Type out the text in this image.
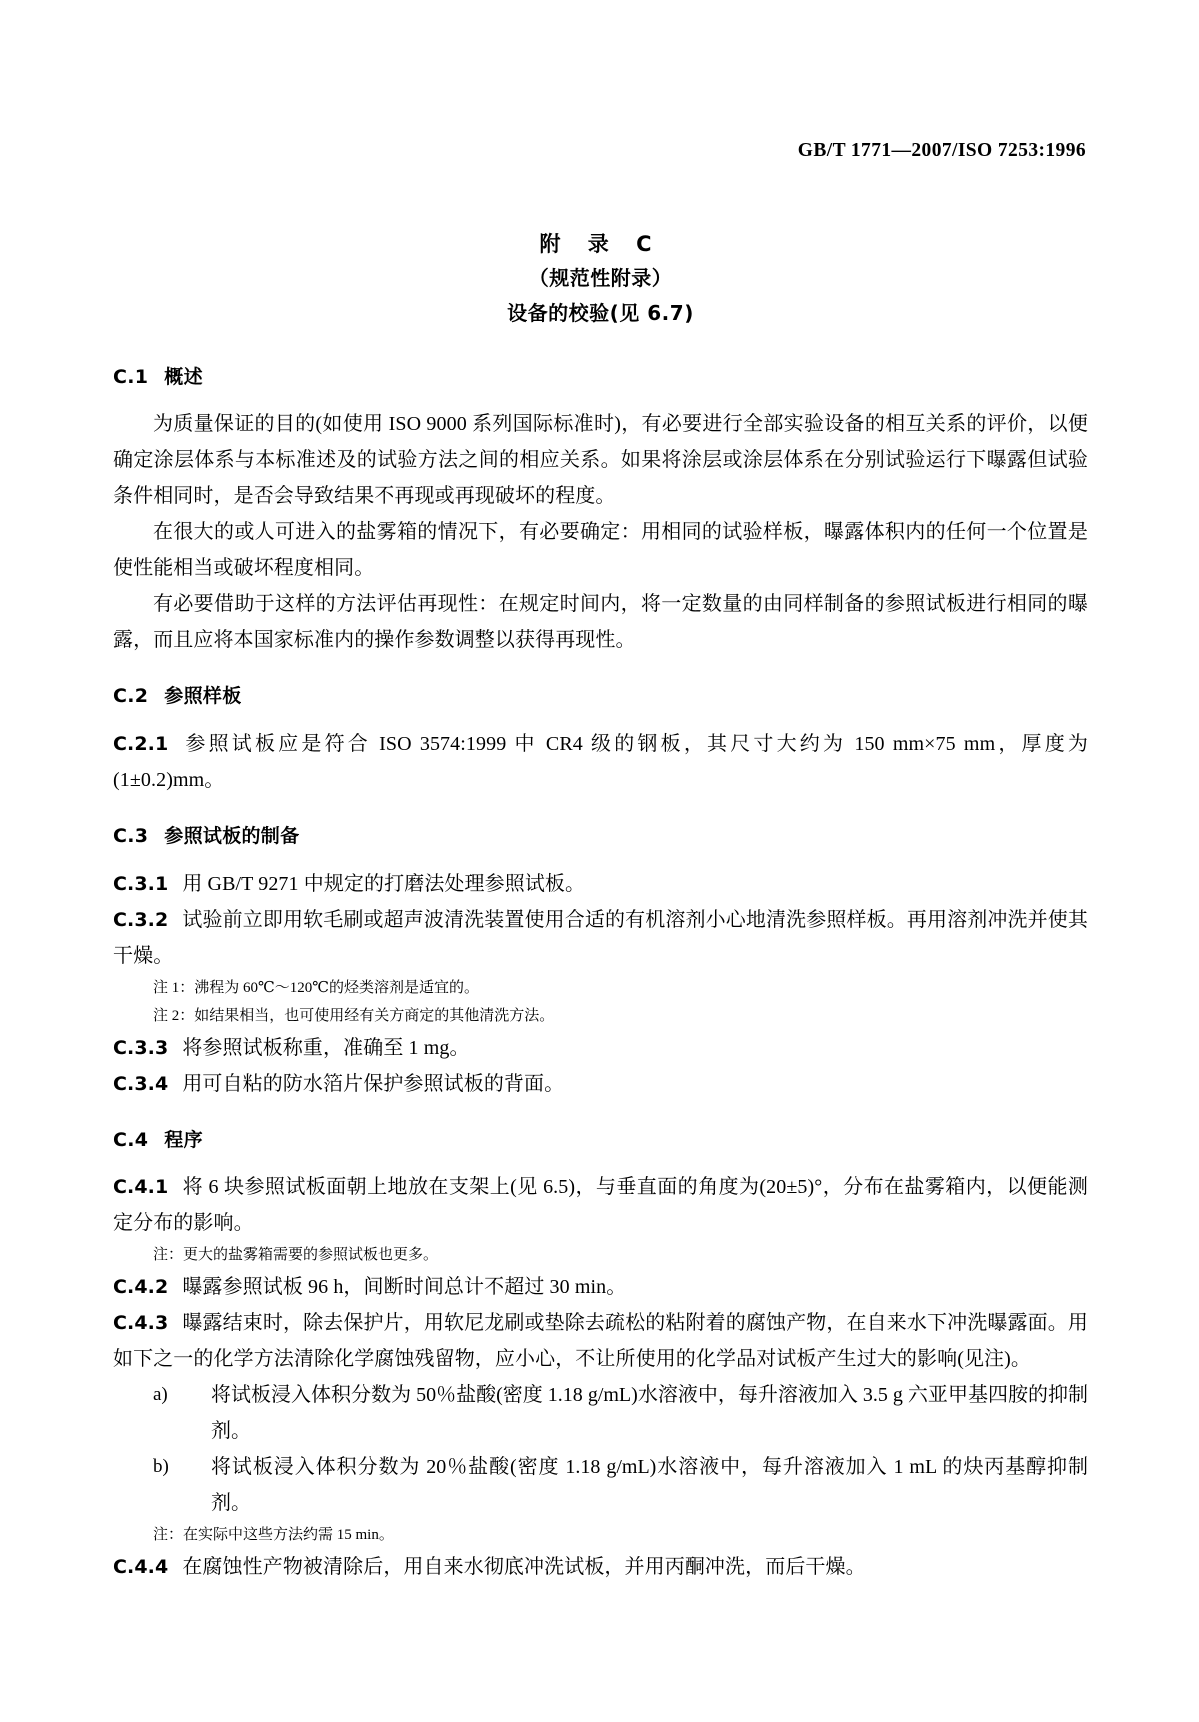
GB/T 1771—2007/ISO 7253:1996
附 录 C
（规范性附录）
设备的校验(见 6.7)
C.1 概述

为质量保证的目的(如使用 ISO 9000 系列国际标准时)，有必要进行全部实验设备的相互关系的评价，以便确定涂层体系与本标准述及的试验方法之间的相应关系。如果将涂层或涂层体系在分别试验运行下曝露但试验条件相同时，是否会导致结果不再现或再现破坏的程度。

在很大的或人可进入的盐雾箱的情况下，有必要确定：用相同的试验样板，曝露体积内的任何一个位置是使性能相当或破坏程度相同。

有必要借助于这样的方法评估再现性：在规定时间内，将一定数量的由同样制备的参照试板进行相同的曝露，而且应将本国家标准内的操作参数调整以获得再现性。

C.2 参照样板

C.2.1 参照试板应是符合 ISO 3574:1999 中 CR4 级的钢板，其尺寸大约为 150 mm×75 mm，厚度为(1±0.2)mm。

C.3 参照试板的制备

C.3.1 用 GB/T 9271 中规定的打磨法处理参照试板。

C.3.2 试验前立即用软毛刷或超声波清洗装置使用合适的有机溶剂小心地清洗参照样板。再用溶剂冲洗并使其干燥。

注 1：沸程为 60℃～120℃的烃类溶剂是适宜的。

注 2：如结果相当，也可使用经有关方商定的其他清洗方法。

C.3.3 将参照试板称重，准确至 1 mg。

C.3.4 用可自粘的防水箔片保护参照试板的背面。

C.4 程序

C.4.1 将 6 块参照试板面朝上地放在支架上(见 6.5)，与垂直面的角度为(20±5)°，分布在盐雾箱内，以便能测定分布的影响。

注：更大的盐雾箱需要的参照试板也更多。

C.4.2 曝露参照试板 96 h，间断时间总计不超过 30 min。

C.4.3 曝露结束时，除去保护片，用软尼龙刷或垫除去疏松的粘附着的腐蚀产物，在自来水下冲洗曝露面。用如下之一的化学方法清除化学腐蚀残留物，应小心，不让所使用的化学品对试板产生过大的影响(见注)。

a) 将试板浸入体积分数为 50％盐酸(密度 1.18 g/mL)水溶液中，每升溶液加入 3.5 g 六亚甲基四胺的抑制剂。
b) 将试板浸入体积分数为 20％盐酸(密度 1.18 g/mL)水溶液中，每升溶液加入 1 mL 的炔丙基醇抑制剂。

注：在实际中这些方法约需 15 min。

C.4.4 在腐蚀性产物被清除后，用自来水彻底冲洗试板，并用丙酮冲洗，而后干燥。
